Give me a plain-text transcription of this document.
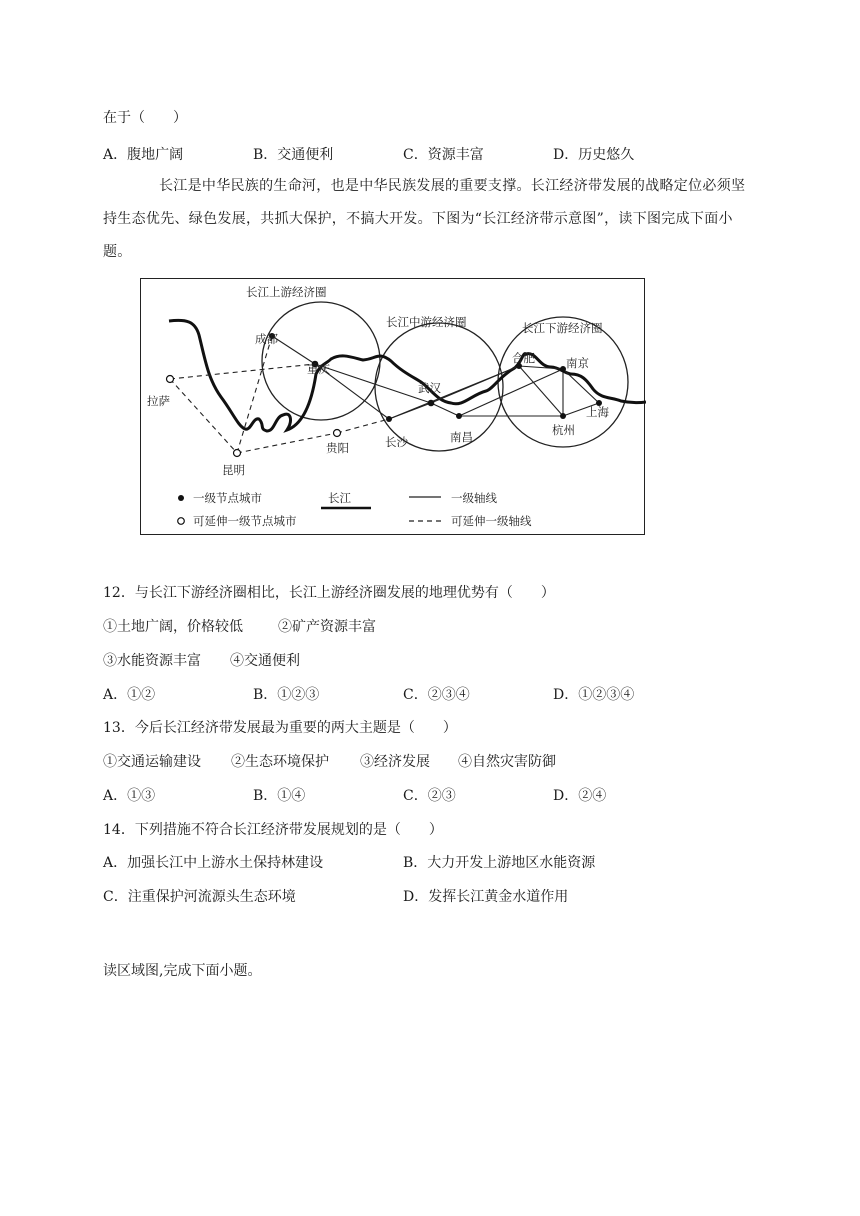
在于（　　）
A．腹地广阔	B．交通便利	C．资源丰富	D．历史悠久
长江是中华民族的生命河，也是中华民族发展的重要支撑。长江经济带发展的战略定位必须坚持生态优先、绿色发展，共抓大保护，不搞大开发。下图为“长江经济带示意图”，读下图完成下面小题。
长江上游经济圈
长江中游经济圈	长江下游经济圈
成都
重庆
拉萨
昆明
贵阳
武汉
长沙	南昌
合肥	南京
上海
杭州
一级节点城市
可延伸一级节点城市
长江	一级轴线
可延伸一级轴线
12．与长江下游经济圈相比，长江上游经济圈发展的地理优势有（　　）
①土地广阔，价格较低	②矿产资源丰富
③水能资源丰富 ④交通便利
A．①②	B．①②③	C．②③④	D．①②③④
13．今后长江经济带发展最为重要的两大主题是（　　）
①交通运输建设 ②生态环境保护 ③经济发展 ④自然灾害防御
A．①③	B．①④	C．②③	D．②④
14．下列措施不符合长江经济带发展规划的是（　　）
A．加强长江中上游水土保持林建设	B．大力开发上游地区水能资源
C．注重保护河流源头生态环境	D．发挥长江黄金水道作用
读区域图,完成下面小题。
